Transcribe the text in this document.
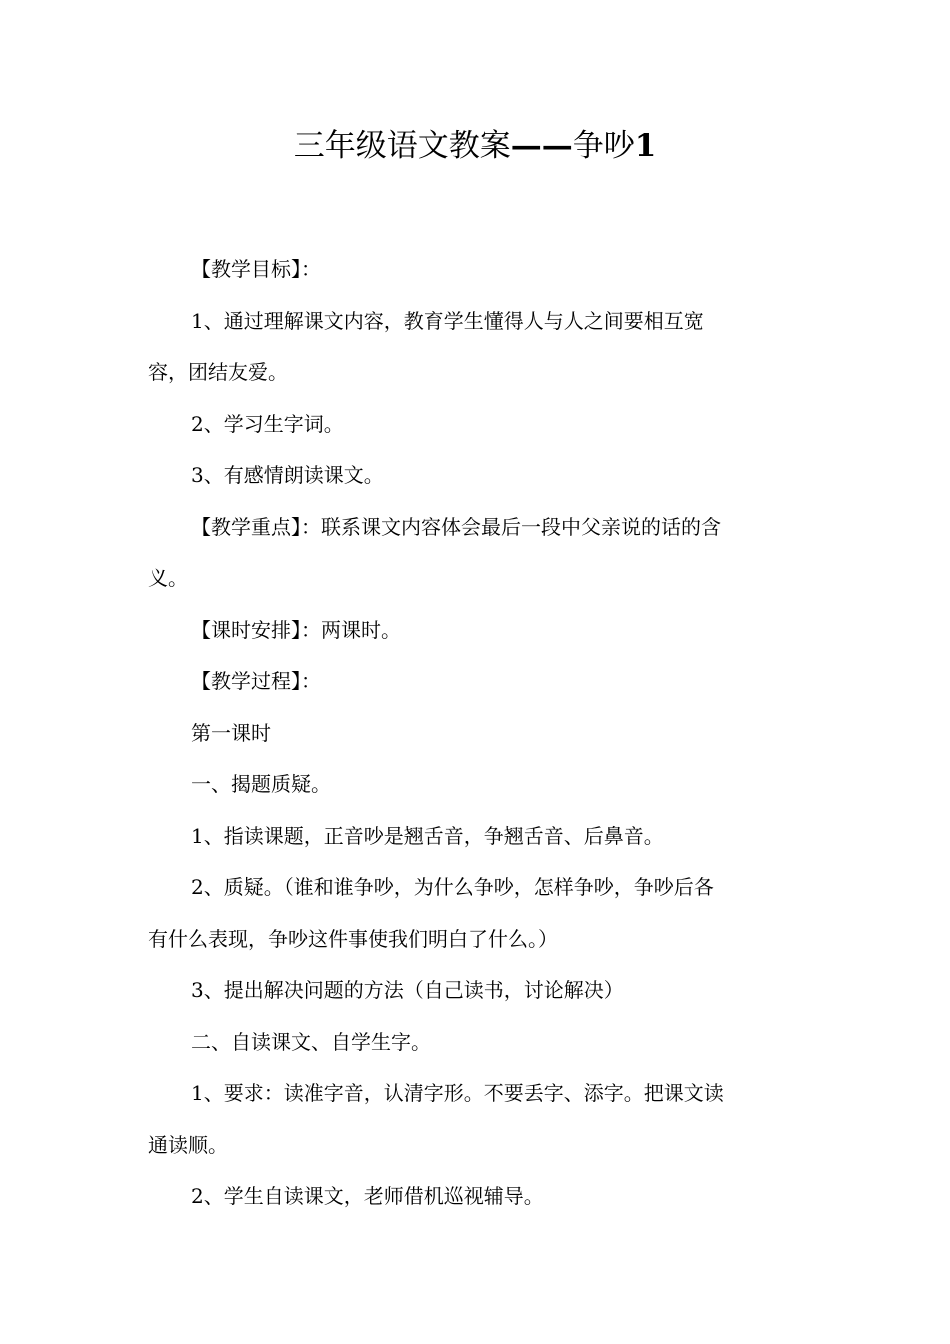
三年级语文教案——争吵1
【教学目标】：
1、通过理解课文内容，教育学生懂得人与人之间要相互宽
容，团结友爱。
2、学习生字词。
3、有感情朗读课文。
【教学重点】：联系课文内容体会最后一段中父亲说的话的含
义。
【课时安排】：两课时。
【教学过程】：
第一课时
一、揭题质疑。
1、指读课题，正音吵是翘舌音，争翘舌音、后鼻音。
2、质疑。（谁和谁争吵，为什么争吵，怎样争吵，争吵后各
有什么表现，争吵这件事使我们明白了什么。）
3、提出解决问题的方法（自己读书，讨论解决）
二、自读课文、自学生字。
1、要求：读准字音，认清字形。不要丢字、添字。把课文读
通读顺。
2、学生自读课文，老师借机巡视辅导。
